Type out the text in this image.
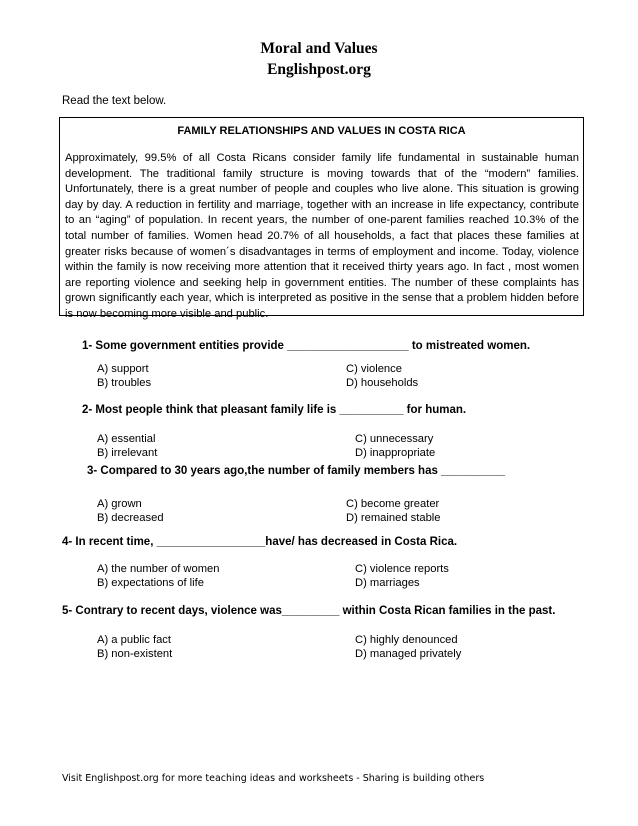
Moral and Values
Englishpost.org
Read the text below.
FAMILY RELATIONSHIPS AND VALUES IN COSTA RICA

Approximately, 99.5% of all Costa Ricans consider family life fundamental in sustainable human development. The traditional family structure is moving towards that of the “modern” families. Unfortunately, there is a great number of people and couples who live alone. This situation is growing day by day. A reduction in fertility and marriage, together with an increase in life expectancy, contribute to an “aging” of population. In recent years, the number of one-parent families reached 10.3% of the total number of families. Women head 20.7% of all households, a fact that places these families at greater risks because of women´s disadvantages in terms of employment and income. Today, violence within the family is now receiving more attention that it received thirty years ago. In fact , most women are reporting violence and seeking help in government entities. The number of these complaints has grown significantly each year, which is interpreted as positive in the sense that a problem hidden before is now becoming more visible and public.

1- Some government entities provide ___________________ to mistreated women.
A) support
B) troubles
C) violence
D) households
2- Most people think that pleasant family life is __________ for human.
A) essential
B) irrelevant
C) unnecessary
D) inappropriate
3- Compared to 30 years ago,the number of family members has __________
A) grown
B) decreased
C) become greater
D) remained stable
4- In recent time, _________________have/ has decreased in Costa Rica.
A) the number of women
B) expectations of life
C) violence reports
D) marriages
5- Contrary to recent days, violence was_________ within Costa Rican families in the past.
A) a public fact
B) non-existent
C) highly denounced
D) managed privately
Visit Englishpost.org for more teaching ideas and worksheets - Sharing is building others
